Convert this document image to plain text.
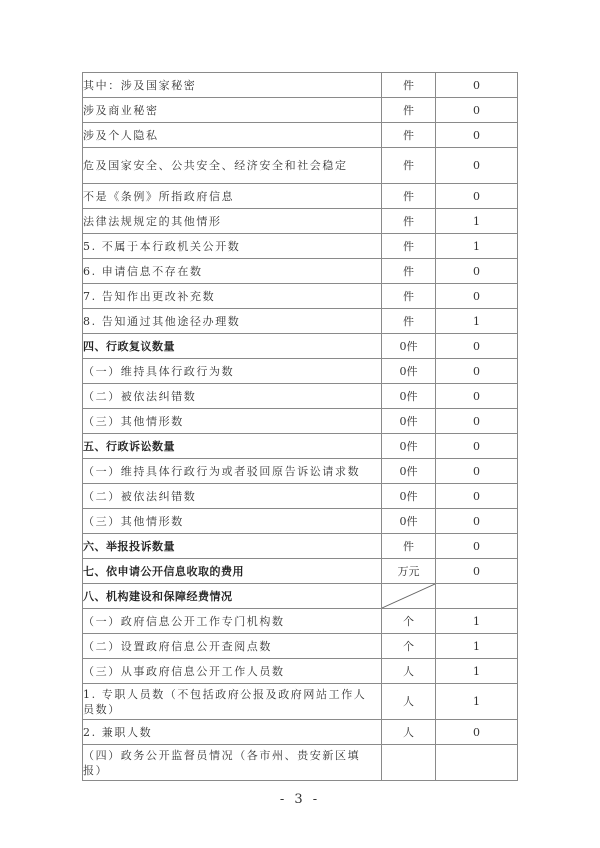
其中：涉及国家秘密	件	0
涉及商业秘密	件	0
涉及个人隐私	件	0
危及国家安全、公共安全、经济安全和社会稳定	件	0
不是《条例》所指政府信息	件	0
法律法规规定的其他情形	件	1
5. 不属于本行政机关公开数	件	1
6. 申请信息不存在数	件	0
7. 告知作出更改补充数	件	0
8. 告知通过其他途径办理数	件	1
四、行政复议数量	0件	0
（一）维持具体行政行为数	0件	0
（二）被依法纠错数	0件	0
（三）其他情形数	0件	0
五、行政诉讼数量	0件	0
（一）维持具体行政行为或者驳回原告诉讼请求数	0件	0
（二）被依法纠错数	0件	0
（三）其他情形数	0件	0
六、举报投诉数量	件	0
七、依申请公开信息收取的费用	万元	0
八、机构建设和保障经费情况	

（一）政府信息公开工作专门机构数	个	1
（二）设置政府信息公开查阅点数	个	1
（三）从事政府信息公开工作人员数	人	1
1. 专职人员数（不包括政府公报及政府网站工作人员数）	人	1
2. 兼职人数	人	0
（四）政务公开监督员情况（各市州、贵安新区填报）		
- 3 -
